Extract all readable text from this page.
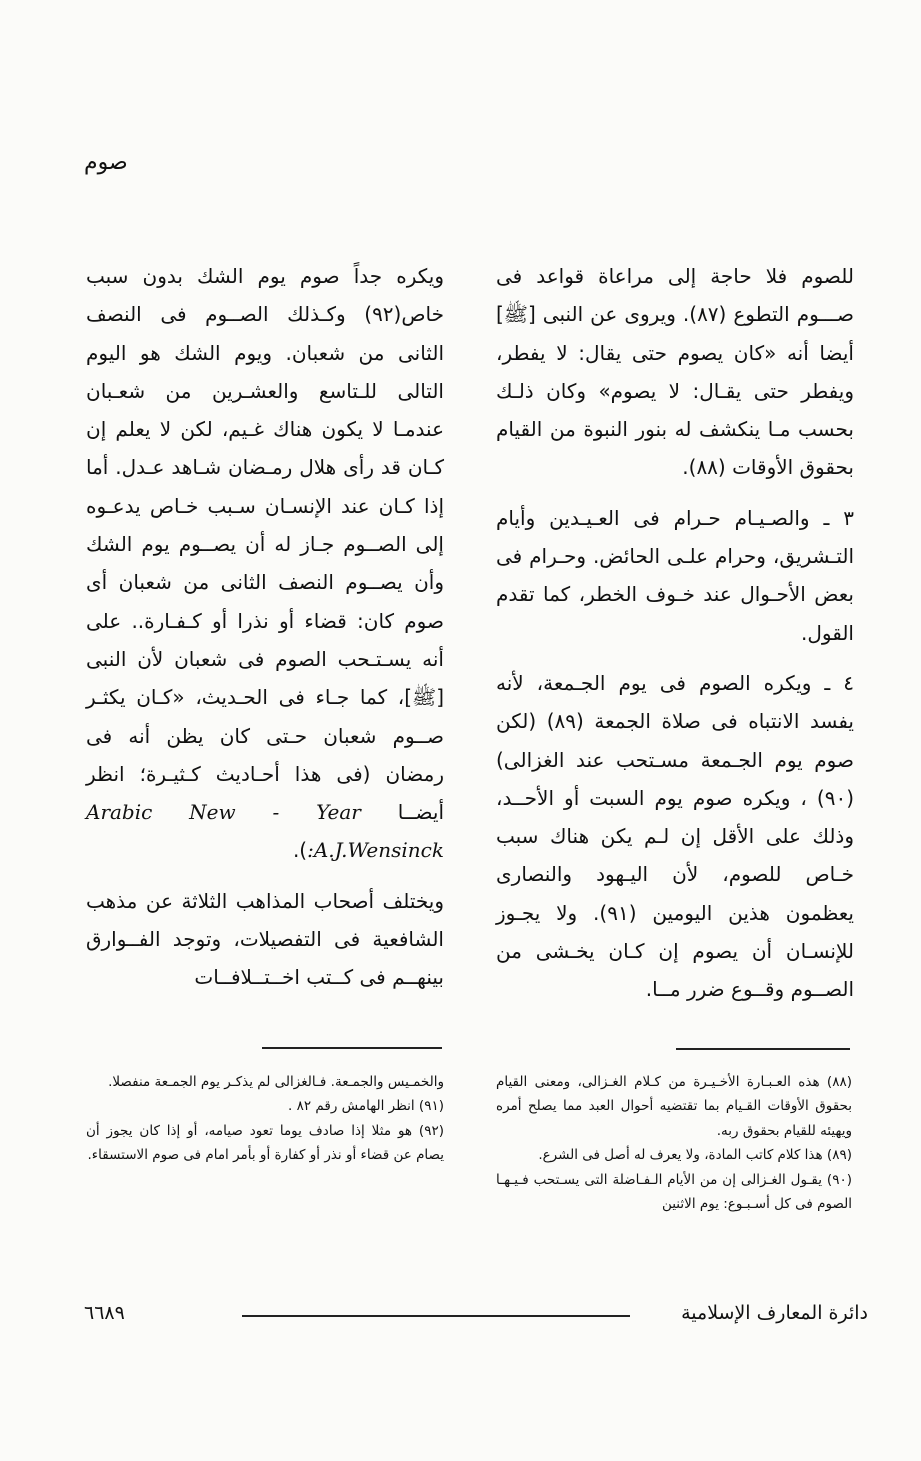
صوم

للصوم فلا حاجة إلى مراعاة قواعد فى صـــوم التطوع (٨٧). ويروى عن النبى [ﷺ] أيضا أنه «كان يصوم حتى يقال: لا يفطر، ويفطر حتى يقـال: لا يصوم» وكان ذلـك بحسب مـا ينكشف له بنور النبوة من القيام بحقوق الأوقات (٨٨).

٣ ـ والصـيـام حـرام فى العـيـدين وأيام التـشريق، وحرام علـى الحائض. وحـرام فى بعض الأحـوال عند خـوف الخطر، كما تقدم القول.

٤ ـ ويكره الصوم فى يوم الجـمعة، لأنه يفسد الانتباه فى صلاة الجمعة (٨٩) (لكن صوم يوم الجـمعة مسـتحب عند الغزالى) (٩٠) ، ويكره صوم يوم السبت أو الأحــد، وذلك على الأقل إن لـم يكن هناك سبب خـاص للصوم، لأن اليـهود والنصارى يعظمون هذين اليومين (٩١). ولا يجـوز للإنسـان أن يصوم إن كـان يخـشى من الصــوم وقــوع ضرر مــا.

ويكره جداً صوم يوم الشك بدون سبب خاص(٩٢) وكـذلك الصــوم فى النصف الثانى من شعبان. ويوم الشك هو اليوم التالى للـتاسع والعشـرين من شعـبان عندمـا لا يكون هناك غـيم، لكن لا يعلم إن كـان قد رأى هلال رمـضان شـاهد عـدل. أما إذا كـان عند الإنسـان سـبب خـاص يدعـوه إلى الصــوم جـاز له أن يصــوم يوم الشك وأن يصــوم النصف الثانى من شعبان أى صوم كان: قضاء أو نذرا أو كـفـارة.. على أنه يسـتـحب الصوم فى شعبان لأن النبى [ﷺ]، كما جـاء فى الحـديث، «كـان يكثـر صــوم شعبان حـتى كان يظن أنه فى رمضان (فى هذا أحـاديث كـثيـرة؛ انظر أيضــا Arabic New - Year :A.J.Wensinck).

ويختلف أصحاب المذاهب الثلاثة عن مذهب الشافعية فى التفصيلات، وتوجد الفــوارق بينهــم فى كــتب اخــتــلافــات

(٨٨) هذه العـبـارة الأخـيـرة من كـلام الغـزالى، ومعنى القيام بحقوق الأوقات القـيام بما تقتضيه أحوال العبد مما يصلح أمره ويهيئه للقيام بحقوق ربه.

(٨٩) هذا كلام كاتب المادة، ولا يعرف له أصل فى الشرع.

(٩٠) يقـول الغـزالى إن من الأيام الـفـاضلة التى يسـتحب فـيـهـا الصوم فى كل أسـبـوع: يوم الاثنين

والخمـيس والجمـعة. فـالغزالى لم يذكـر يوم الجمـعة منفصلا.

(٩١) انظر الهامش رقم ٨٢ .

(٩٢) هو مثلا إذا صادف يوما تعود صيامه، أو إذا كان يجوز أن يصام عن قضاء أو نذر أو كفارة أو بأمر امام فى صوم الاستسقاء.

دائرة المعارف الإسلامية
٦٦٨٩
